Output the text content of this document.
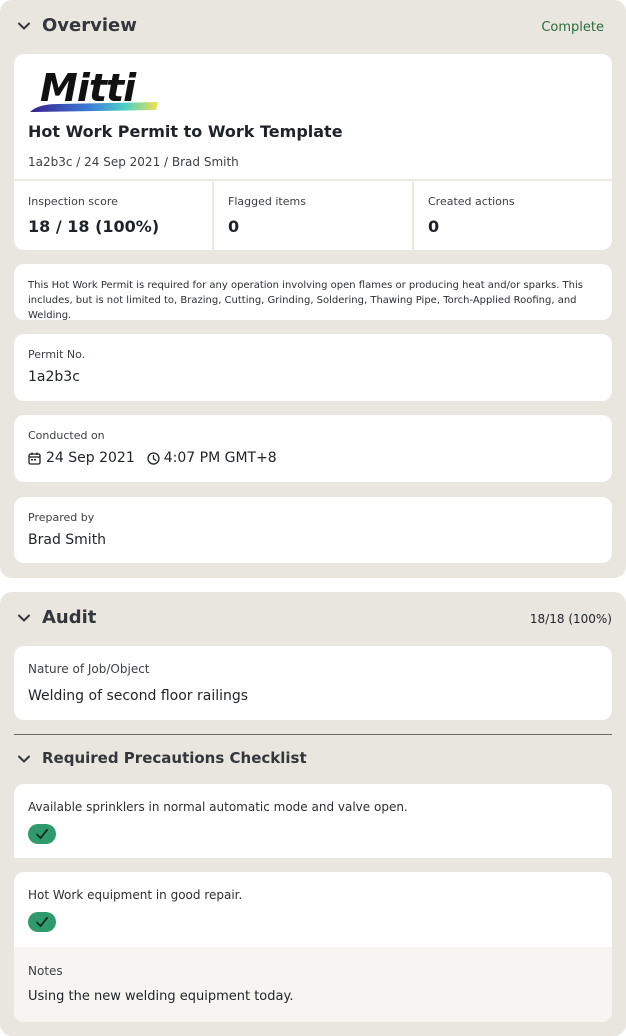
Overview	Complete
Mitti
Hot Work Permit to Work Template
1a2b3c / 24 Sep 2021 / Brad Smith
Inspection score
18 / 18 (100%)
Flagged items
0
Created actions
0
This Hot Work Permit is required for any operation involving open flames or producing heat and/or sparks. This includes, but is not limited to, Brazing, Cutting, Grinding, Soldering, Thawing Pipe, Torch-Applied Roofing, and Welding.
Permit No.
1a2b3c
Conducted on
24 Sep 2021 4:07 PM GMT+8
Prepared by
Brad Smith
Audit	18/18 (100%)
Nature of Job/Object
Welding of second floor railings
Required Precautions Checklist
Available sprinklers in normal automatic mode and valve open.
Hot Work equipment in good repair.
Notes
Using the new welding equipment today.
